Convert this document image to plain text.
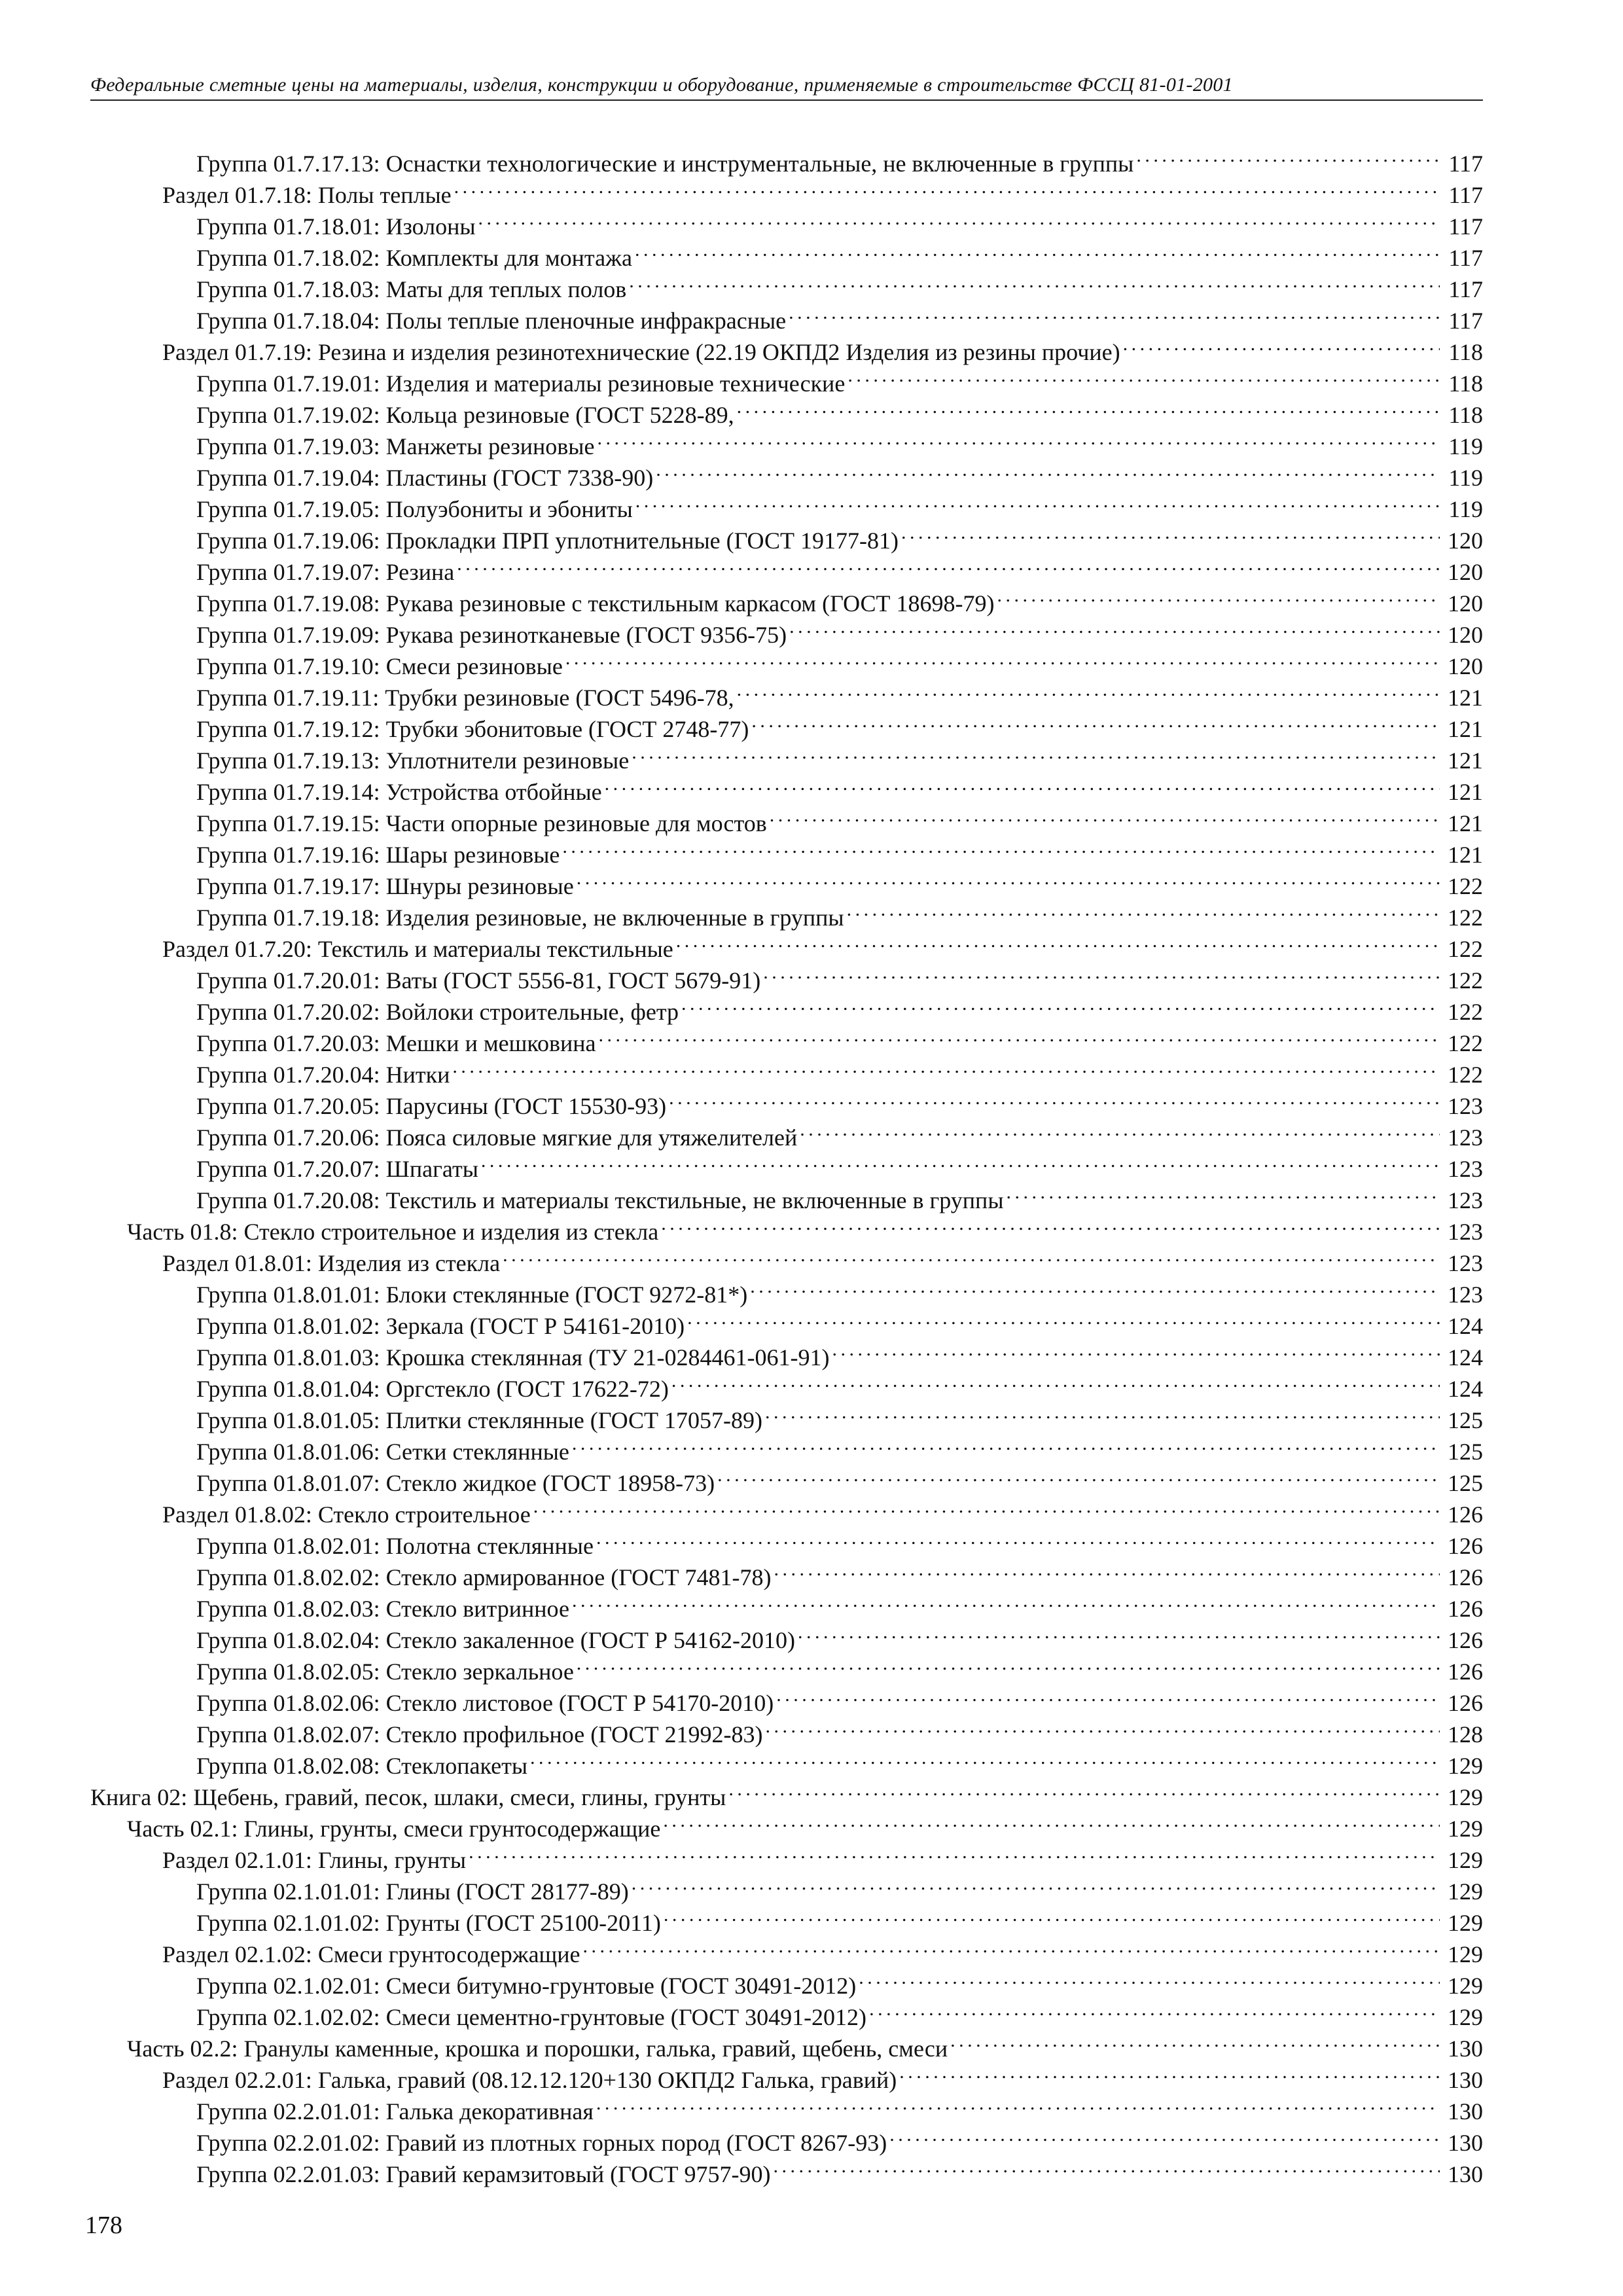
Федеральные сметные цены на материалы, изделия, конструкции и оборудование, применяемые в строительстве ФССЦ 81-01-2001
Группа 01.7.17.13: Оснастки технологические и инструментальные, не включенные в группы . . .	117
Раздел 01.7.18: Полы теплые . . .	117
Группа 01.7.18.01: Изолоны . . .	117
Группа 01.7.18.02: Комплекты для монтажа . . .	117
Группа 01.7.18.03: Маты для теплых полов . . .	117
Группа 01.7.18.04: Полы теплые пленочные инфракрасные . . .	117
Раздел 01.7.19: Резина и изделия резинотехнические (22.19 ОКПД2 Изделия из резины прочие) . . .	118
Группа 01.7.19.01: Изделия и материалы резиновые технические . . .	118
Группа 01.7.19.02: Кольца резиновые (ГОСТ 5228-89, . . .	118
Группа 01.7.19.03: Манжеты резиновые . . .	119
Группа 01.7.19.04: Пластины (ГОСТ 7338-90) . . .	119
Группа 01.7.19.05: Полуэбониты и эбониты . . .	119
Группа 01.7.19.06: Прокладки ПРП уплотнительные (ГОСТ 19177-81) . . .	120
Группа 01.7.19.07: Резина . . .	120
Группа 01.7.19.08: Рукава резиновые с текстильным каркасом (ГОСТ 18698-79) . . .	120
Группа 01.7.19.09: Рукава резинотканевые (ГОСТ 9356-75) . . .	120
Группа 01.7.19.10: Смеси резиновые . . .	120
Группа 01.7.19.11: Трубки резиновые (ГОСТ 5496-78, . . .	121
Группа 01.7.19.12: Трубки эбонитовые (ГОСТ 2748-77) . . .	121
Группа 01.7.19.13: Уплотнители резиновые . . .	121
Группа 01.7.19.14: Устройства отбойные . . .	121
Группа 01.7.19.15: Части опорные резиновые для мостов . . .	121
Группа 01.7.19.16: Шары резиновые . . .	121
Группа 01.7.19.17: Шнуры резиновые . . .	122
Группа 01.7.19.18: Изделия резиновые, не включенные в группы . . .	122
Раздел 01.7.20: Текстиль и материалы текстильные . . .	122
Группа 01.7.20.01: Ваты (ГОСТ 5556-81, ГОСТ 5679-91) . . .	122
Группа 01.7.20.02: Войлоки строительные, фетр . . .	122
Группа 01.7.20.03: Мешки и мешковина . . .	122
Группа 01.7.20.04: Нитки . . .	122
Группа 01.7.20.05: Парусины (ГОСТ 15530-93) . . .	123
Группа 01.7.20.06: Пояса силовые мягкие для утяжелителей . . .	123
Группа 01.7.20.07: Шпагаты . . .	123
Группа 01.7.20.08: Текстиль и материалы текстильные, не включенные в группы . . .	123
Часть 01.8: Стекло строительное и изделия из стекла . . .	123
Раздел 01.8.01: Изделия из стекла . . .	123
Группа 01.8.01.01: Блоки стеклянные (ГОСТ 9272-81*) . . .	123
Группа 01.8.01.02: Зеркала (ГОСТ Р 54161-2010) . . .	124
Группа 01.8.01.03: Крошка стеклянная (ТУ 21-0284461-061-91) . . .	124
Группа 01.8.01.04: Оргстекло (ГОСТ 17622-72) . . .	124
Группа 01.8.01.05: Плитки стеклянные (ГОСТ 17057-89) . . .	125
Группа 01.8.01.06: Сетки стеклянные . . .	125
Группа 01.8.01.07: Стекло жидкое (ГОСТ 18958-73) . . .	125
Раздел 01.8.02: Стекло строительное . . .	126
Группа 01.8.02.01: Полотна стеклянные . . .	126
Группа 01.8.02.02: Стекло армированное (ГОСТ 7481-78) . . .	126
Группа 01.8.02.03: Стекло витринное . . .	126
Группа 01.8.02.04: Стекло закаленное (ГОСТ Р 54162-2010) . . .	126
Группа 01.8.02.05: Стекло зеркальное . . .	126
Группа 01.8.02.06: Стекло листовое (ГОСТ Р 54170-2010) . . .	126
Группа 01.8.02.07: Стекло профильное (ГОСТ 21992-83) . . .	128
Группа 01.8.02.08: Стеклопакеты . . .	129
Книга 02: Щебень, гравий, песок, шлаки, смеси, глины, грунты . . .	129
Часть 02.1: Глины, грунты, смеси грунтосодержащие . . .	129
Раздел 02.1.01: Глины, грунты . . .	129
Группа 02.1.01.01: Глины (ГОСТ 28177-89) . . .	129
Группа 02.1.01.02: Грунты (ГОСТ 25100-2011) . . .	129
Раздел 02.1.02: Смеси грунтосодержащие . . .	129
Группа 02.1.02.01: Смеси битумно-грунтовые (ГОСТ 30491-2012) . . .	129
Группа 02.1.02.02: Смеси цементно-грунтовые (ГОСТ 30491-2012) . . .	129
Часть 02.2: Гранулы каменные, крошка и порошки, галька, гравий, щебень, смеси . . .	130
Раздел 02.2.01: Галька, гравий (08.12.12.120+130 ОКПД2 Галька, гравий) . . .	130
Группа 02.2.01.01: Галька декоративная . . .	130
Группа 02.2.01.02: Гравий из плотных горных пород (ГОСТ 8267-93) . . .	130
Группа 02.2.01.03: Гравий керамзитовый (ГОСТ 9757-90) . . .	130
178
